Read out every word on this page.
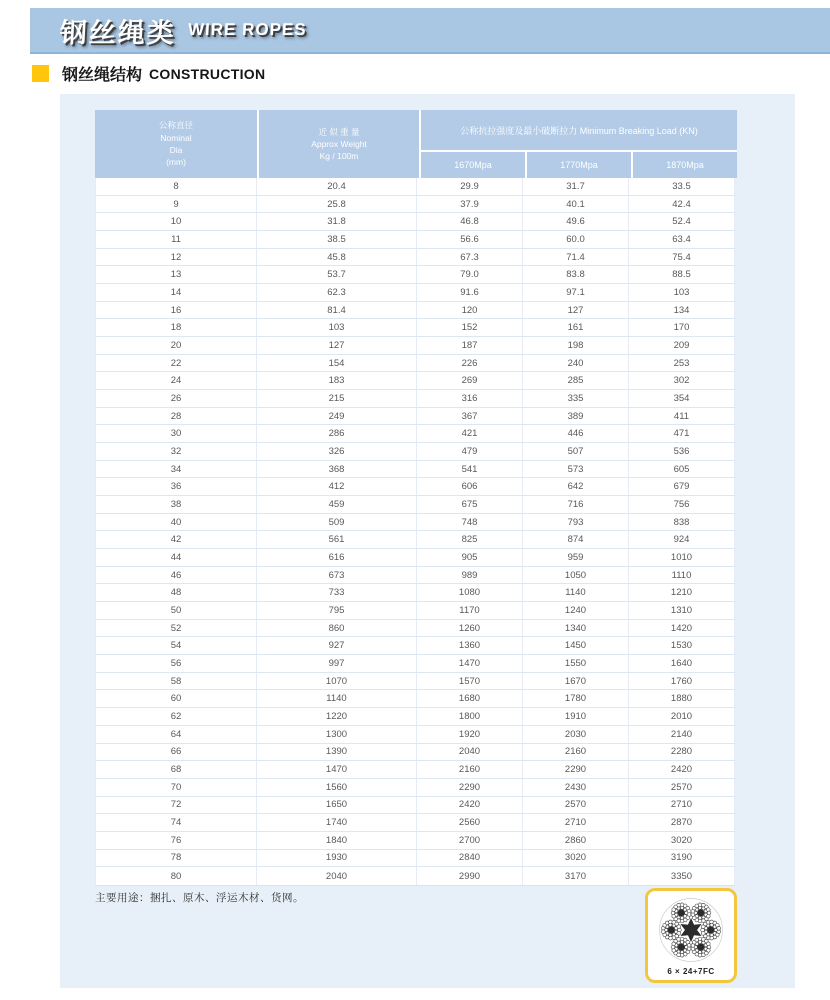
钢丝绳类 WIRE ROPES
钢丝绳结构 CONSTRUCTION
公称直径
Nominal
Dia
(mm)
近 似 重 量
Approx Weight
Kg / 100m
公称抗拉强度及最小破断拉力 Minimum Breaking Load (KN)
1670Mpa	1770Mpa	1870Mpa
8	20.4	29.9	31.7	33.5
9	25.8	37.9	40.1	42.4
10	31.8	46.8	49.6	52.4
11	38.5	56.6	60.0	63.4
12	45.8	67.3	71.4	75.4
13	53.7	79.0	83.8	88.5
14	62.3	91.6	97.1	103
16	81.4	120	127	134
18	103	152	161	170
20	127	187	198	209
22	154	226	240	253
24	183	269	285	302
26	215	316	335	354
28	249	367	389	411
30	286	421	446	471
32	326	479	507	536
34	368	541	573	605
36	412	606	642	679
38	459	675	716	756
40	509	748	793	838
42	561	825	874	924
44	616	905	959	1010
46	673	989	1050	1110
48	733	1080	1140	1210
50	795	1170	1240	1310
52	860	1260	1340	1420
54	927	1360	1450	1530
56	997	1470	1550	1640
58	1070	1570	1670	1760
60	1140	1680	1780	1880
62	1220	1800	1910	2010
64	1300	1920	2030	2140
66	1390	2040	2160	2280
68	1470	2160	2290	2420
70	1560	2290	2430	2570
72	1650	2420	2570	2710
74	1740	2560	2710	2870
76	1840	2700	2860	3020
78	1930	2840	3020	3190
80	2040	2990	3170	3350
主要用途：捆扎、原木、浮运木材、货网。
6 × 24+7FC
